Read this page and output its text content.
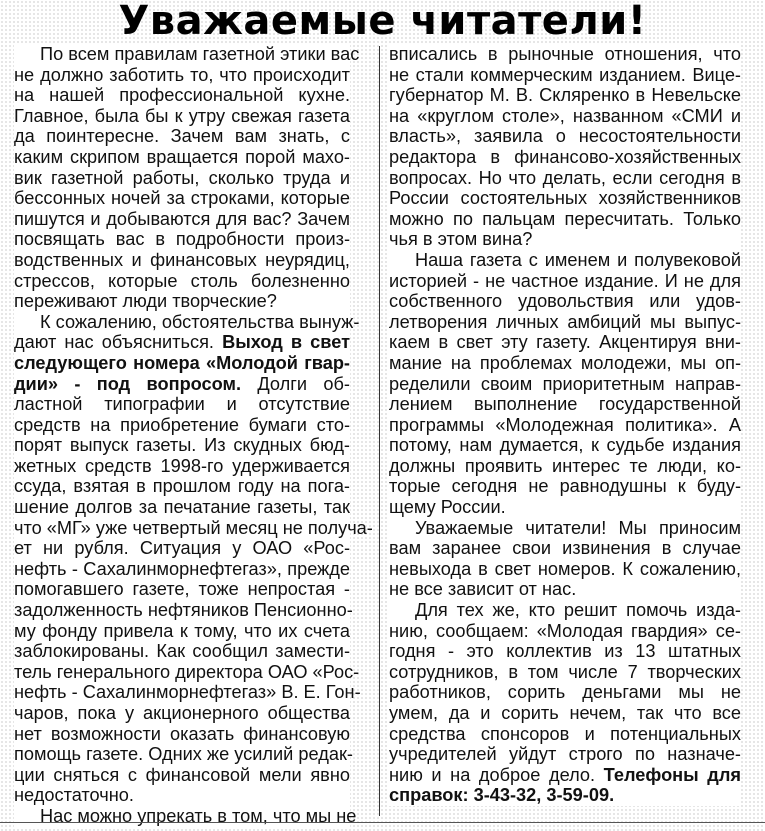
Уважаемые читатели!
По всем правилам газетной этики вас
не должно заботить то, что происходит
на нашей профессиональной кухне.
Главное, была бы к утру свежая газета
да поинтересне. Зачем вам знать, с
каким скрипом вращается порой махо-
вик газетной работы, сколько труда и
бессонных ночей за строками, которые
пишутся и добываются для вас? Зачем
посвящать вас в подробности произ-
водственных и финансовых неурядиц,
стрессов, которые столь болезненно
переживают люди творческие?
К сожалению, обстоятельства вынуж-
дают нас объясниться. Выход в свет
следующего номера «Молодой гвар-
дии» - под вопросом. Долги об-
ластной типографии и отсутствие
средств на приобретение бумаги сто-
порят выпуск газеты. Из скудных бюд-
жетных средств 1998-го удерживается
ссуда, взятая в прошлом году на пога-
шение долгов за печатание газеты, так
что «МГ» уже четвертый месяц не получа-
ет ни рубля. Ситуация у ОАО «Рос-
нефть - Сахалинморнефтегаз», прежде
помогавшего газете, тоже непростая -
задолженность нефтяников Пенсионно-
му фонду привела к тому, что их счета
заблокированы. Как сообщил замести-
тель генерального директора ОАО «Рос-
нефть - Сахалинморнефтегаз» В. Е. Гон-
чаров, пока у акционерного общества
нет возможности оказать финансовую
помощь газете. Одних же усилий редак-
ции сняться с финансовой мели явно
недостаточно.
Нас можно упрекать в том, что мы не
вписались в рыночные отношения, что
не стали коммерческим изданием. Вице-
губернатор М. В. Скляренко в Невельске
на «круглом столе», названном «СМИ и
власть», заявила о несостоятельности
редактора в финансово-хозяйственных
вопросах. Но что делать, если сегодня в
России состоятельных хозяйственников
можно по пальцам пересчитать. Только
чья в этом вина?
Наша газета с именем и полувековой
историей - не частное издание. И не для
собственного удовольствия или удов-
летворения личных амбиций мы выпус-
каем в свет эту газету. Акцентируя вни-
мание на проблемах молодежи, мы оп-
ределили своим приоритетным направ-
лением выполнение государственной
программы «Молодежная политика». А
потому, нам думается, к судьбе издания
должны проявить интерес те люди, ко-
торые сегодня не равнодушны к буду-
щему России.
Уважаемые читатели! Мы приносим
вам заранее свои извинения в случае
невыхода в свет номеров. К сожалению,
не все зависит от нас.
Для тех же, кто решит помочь изда-
нию, сообщаем: «Молодая гвардия» се-
годня - это коллектив из 13 штатных
сотрудников, в том числе 7 творческих
работников, сорить деньгами мы не
умем, да и сорить нечем, так что все
средства спонсоров и потенциальных
учредителей уйдут строго по назначе-
нию и на доброе дело. Телефоны для
справок: 3-43-32, 3-59-09.
